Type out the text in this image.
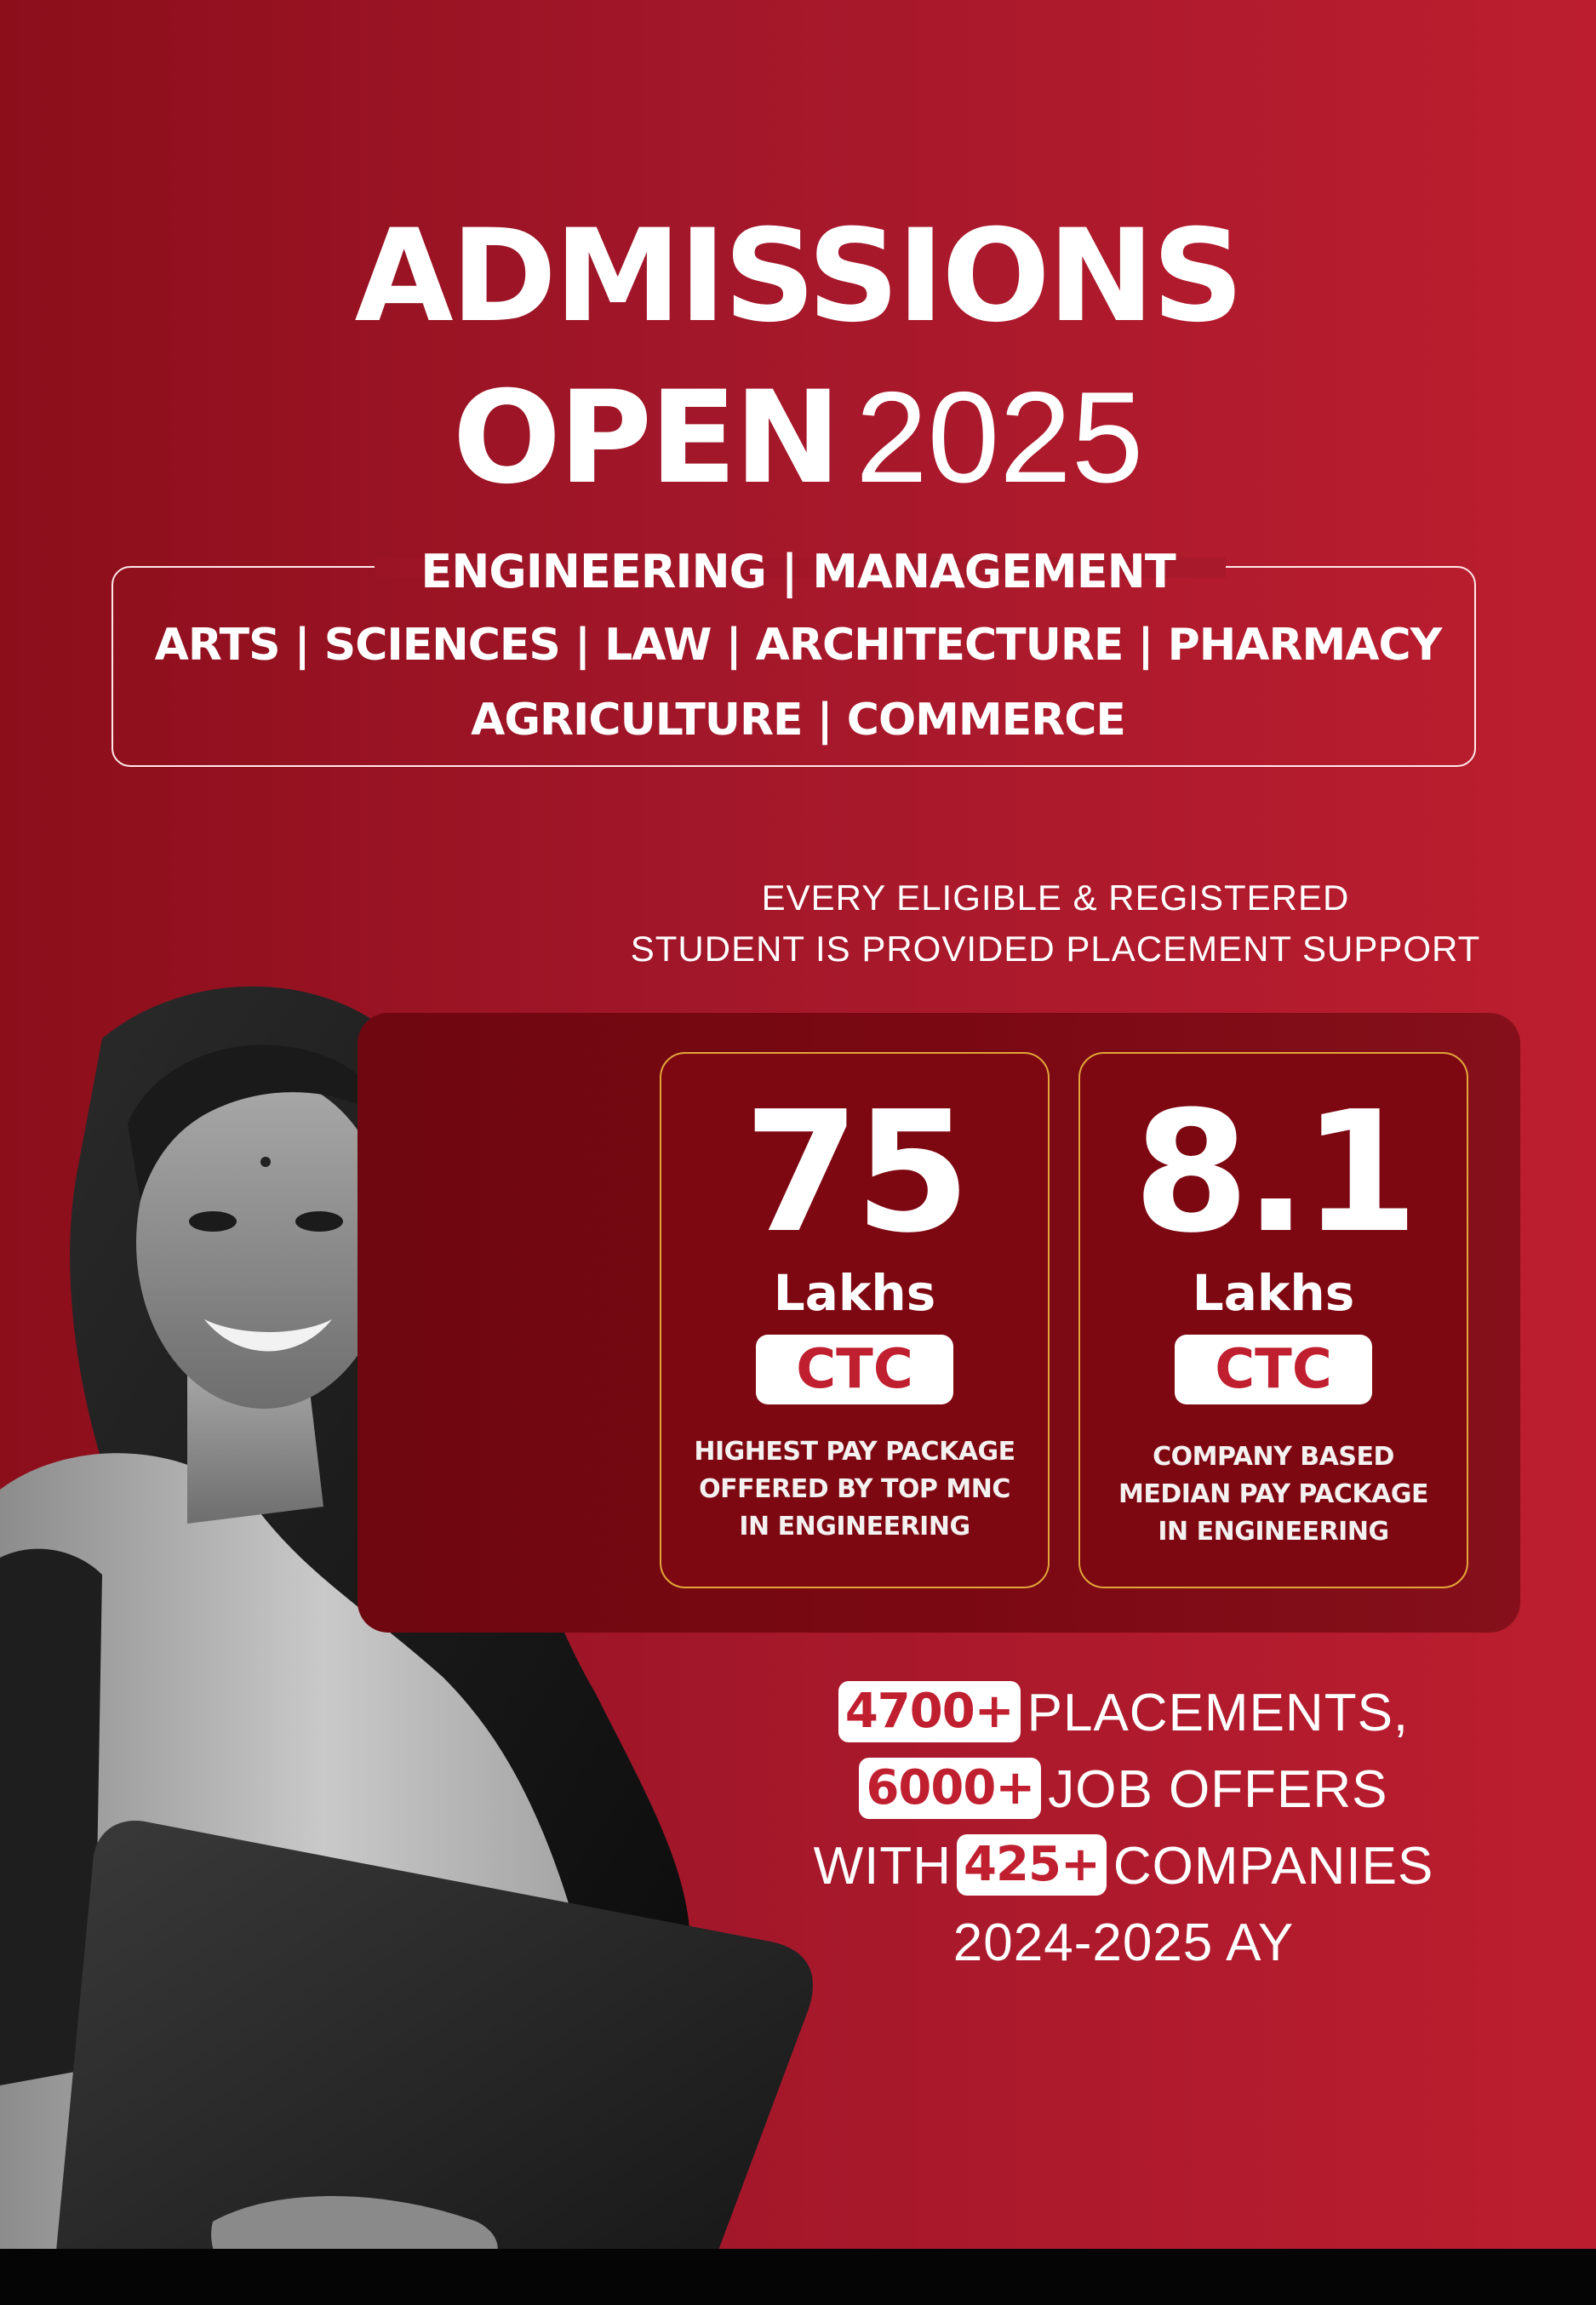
ADMISSIONS
OPEN 2025
ENGINEERING | MANAGEMENT
ARTS | SCIENCES | LAW | ARCHITECTURE | PHARMACY
AGRICULTURE | COMMERCE
EVERY ELIGIBLE & REGISTERED
STUDENT IS PROVIDED PLACEMENT SUPPORT
75
Lakhs
CTC
HIGHEST PAY PACKAGE
OFFERED BY TOP MNC
IN ENGINEERING
8.1
Lakhs
CTC
COMPANY BASED
MEDIAN PAY PACKAGE
IN ENGINEERING
4700+ PLACEMENTS,
6000+ JOB OFFERS
WITH 425+ COMPANIES
2024-2025 AY
